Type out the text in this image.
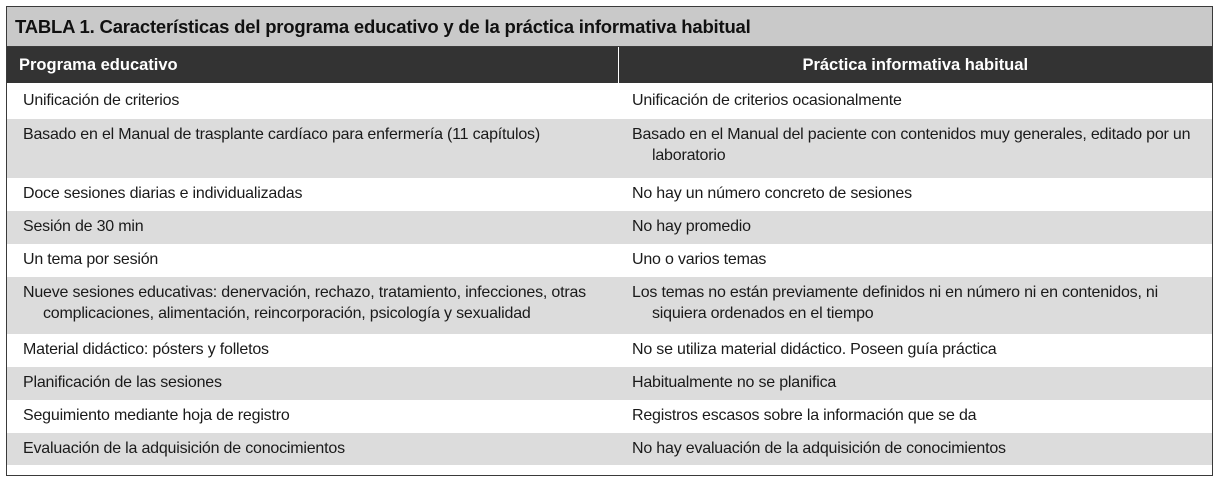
TABLA 1. Características del programa educativo y de la práctica informativa habitual
Programa educativo	Práctica informativa habitual

Unificación de criterios	Unificación de criterios ocasionalmente

Basado en el Manual de trasplante cardíaco para enfermería (11 capítulos)	Basado en el Manual del paciente con contenidos muy generales, editado por un laboratorio

Doce sesiones diarias e individualizadas	No hay un número concreto de sesiones

Sesión de 30 min	No hay promedio

Un tema por sesión	Uno o varios temas

Nueve sesiones educativas: denervación, rechazo, tratamiento, infecciones, otras complicaciones, alimentación, reincorporación, psicología y sexualidad	Los temas no están previamente definidos ni en número ni en contenidos, ni siquiera ordenados en el tiempo

Material didáctico: pósters y folletos	No se utiliza material didáctico. Poseen guía práctica

Planificación de las sesiones	Habitualmente no se planifica

Seguimiento mediante hoja de registro	Registros escasos sobre la información que se da

Evaluación de la adquisición de conocimientos	No hay evaluación de la adquisición de conocimientos
